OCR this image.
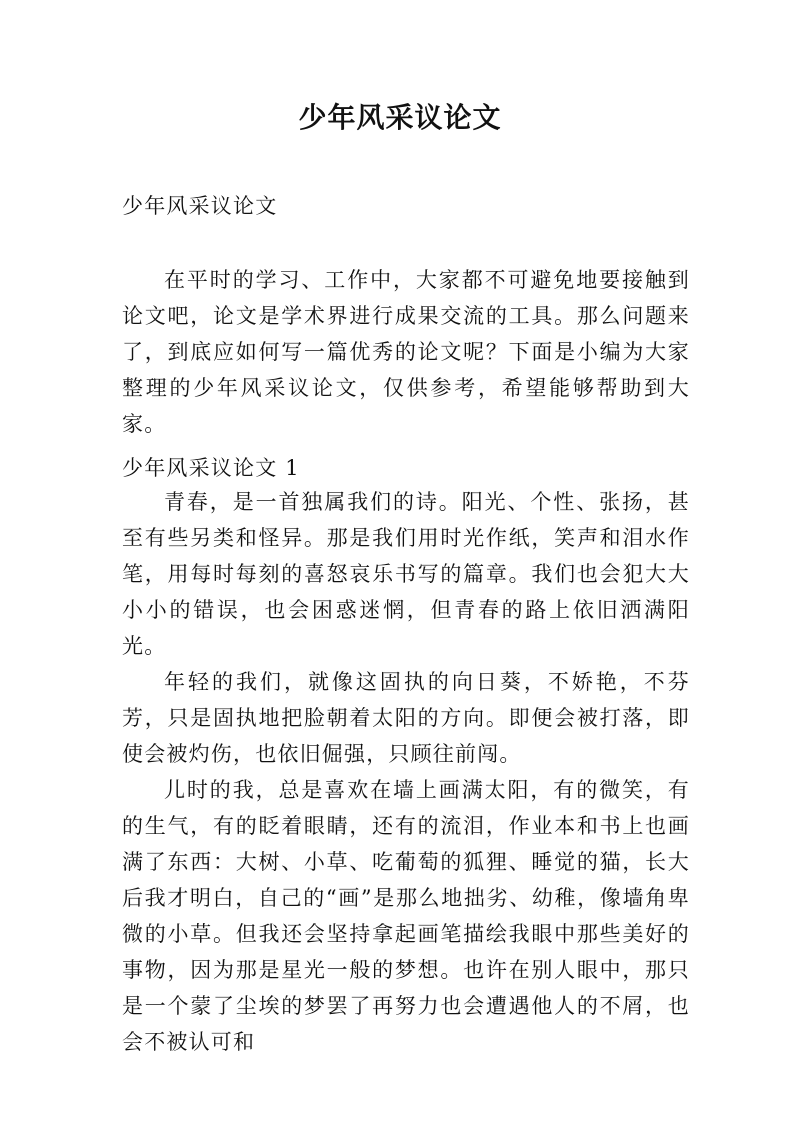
少年风采议论文
少年风采议论文

在平时的学习、工作中，大家都不可避免地要接触到论文吧，论文是学术界进行成果交流的工具。那么问题来了，到底应如何写一篇优秀的论文呢？下面是小编为大家整理的少年风采议论文，仅供参考，希望能够帮助到大家。

少年风采议论文 1

青春，是一首独属我们的诗。阳光、个性、张扬，甚至有些另类和怪异。那是我们用时光作纸，笑声和泪水作笔，用每时每刻的喜怒哀乐书写的篇章。我们也会犯大大小小的错误，也会困惑迷惘，但青春的路上依旧洒满阳光。

年轻的我们，就像这固执的向日葵，不娇艳，不芬芳，只是固执地把脸朝着太阳的方向。即便会被打落，即使会被灼伤，也依旧倔强，只顾往前闯。

儿时的我，总是喜欢在墙上画满太阳，有的微笑，有的生气，有的眨着眼睛，还有的流泪，作业本和书上也画满了东西：大树、小草、吃葡萄的狐狸、睡觉的猫，长大后我才明白，自己的“画”是那么地拙劣、幼稚，像墙角卑微的小草。但我还会坚持拿起画笔描绘我眼中那些美好的事物，因为那是星光一般的梦想。也许在别人眼中，那只是一个蒙了尘埃的梦罢了再努力也会遭遇他人的不屑，也会不被认可和
